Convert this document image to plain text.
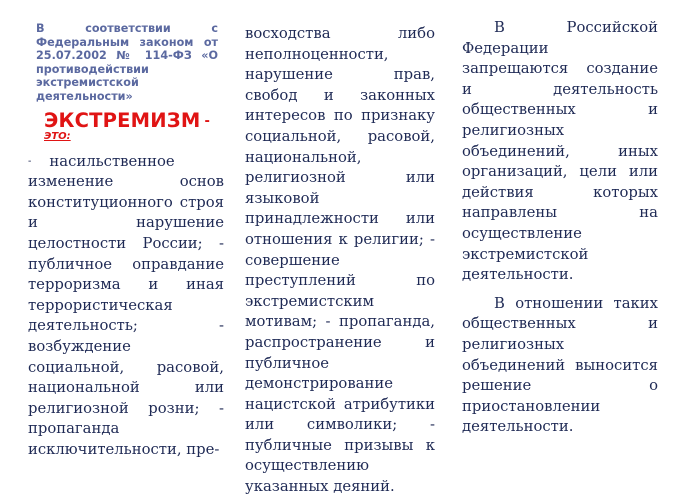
В соответствии с Федеральным законом от 25.07.2002 № 114-ФЗ «О противодействии экстремистской деятельности»

ЭКСТРЕМИЗМ -
ЭТО:

- насильственное изменение основ конституционного строя и нарушение целостности России; - публичное оправдание терроризма и иная террористическая деятельность; - возбуждение социальной, расовой, национальной или религиозной розни; - пропаганда исключительности, пре-

восходства либо неполноценности, нарушение прав, свобод и законных интересов по признаку социальной, расовой, национальной, религиозной или языковой принадлежности или отношения к религии; - совершение преступлений по экстремистским мотивам; - пропаганда, распространение и публичное демонстрирование нацистской атрибутики или символики; - публичные призывы к осуществлению указанных деяний.

В Российской Федерации запрещаются создание и деятельность общественных и религиозных объединений, иных организаций, цели или действия которых направлены на осуществление экстремистской деятельности.

В отношении таких общественных и религиозных объединений выносится решение о приостановлении деятельности.
